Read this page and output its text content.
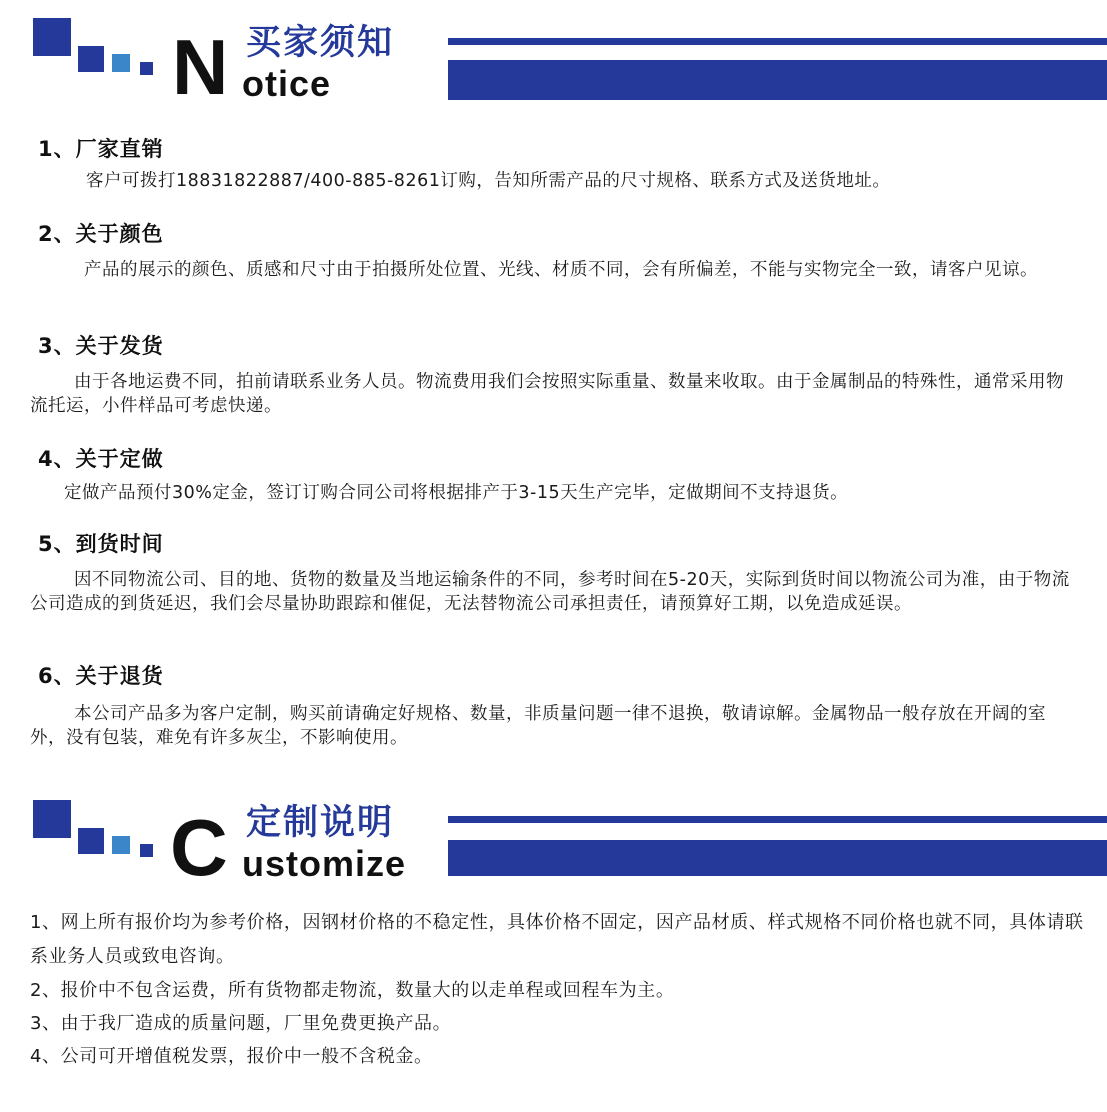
N 买家须知
otice
1、厂家直销

客户可拨打18831822887/400-885-8261订购，告知所需产品的尺寸规格、联系方式及送货地址。

2、关于颜色

产品的展示的颜色、质感和尺寸由于拍摄所处位置、光线、材质不同，会有所偏差，不能与实物完全一致，请客户见谅。

3、关于发货

由于各地运费不同，拍前请联系业务人员。物流费用我们会按照实际重量、数量来收取。由于金属制品的特殊性，通常采用物流托运，小件样品可考虑快递。

4、关于定做

定做产品预付30%定金，签订订购合同公司将根据排产于3-15天生产完毕，定做期间不支持退货。

5、到货时间

因不同物流公司、目的地、货物的数量及当地运输条件的不同，参考时间在5-20天，实际到货时间以物流公司为准，由于物流公司造成的到货延迟，我们会尽量协助跟踪和催促，无法替物流公司承担责任，请预算好工期，以免造成延误。

6、关于退货

本公司产品多为客户定制，购买前请确定好规格、数量，非质量问题一律不退换，敬请谅解。金属物品一般存放在开阔的室外，没有包装，难免有许多灰尘，不影响使用。

C 定制说明
ustomize

1、网上所有报价均为参考价格，因钢材价格的不稳定性，具体价格不固定，因产品材质、样式规格不同价格也就不同，具体请联系业务人员或致电咨询。

2、报价中不包含运费，所有货物都走物流，数量大的以走单程或回程车为主。

3、由于我厂造成的质量问题，厂里免费更换产品。

4、公司可开增值税发票，报价中一般不含税金。
